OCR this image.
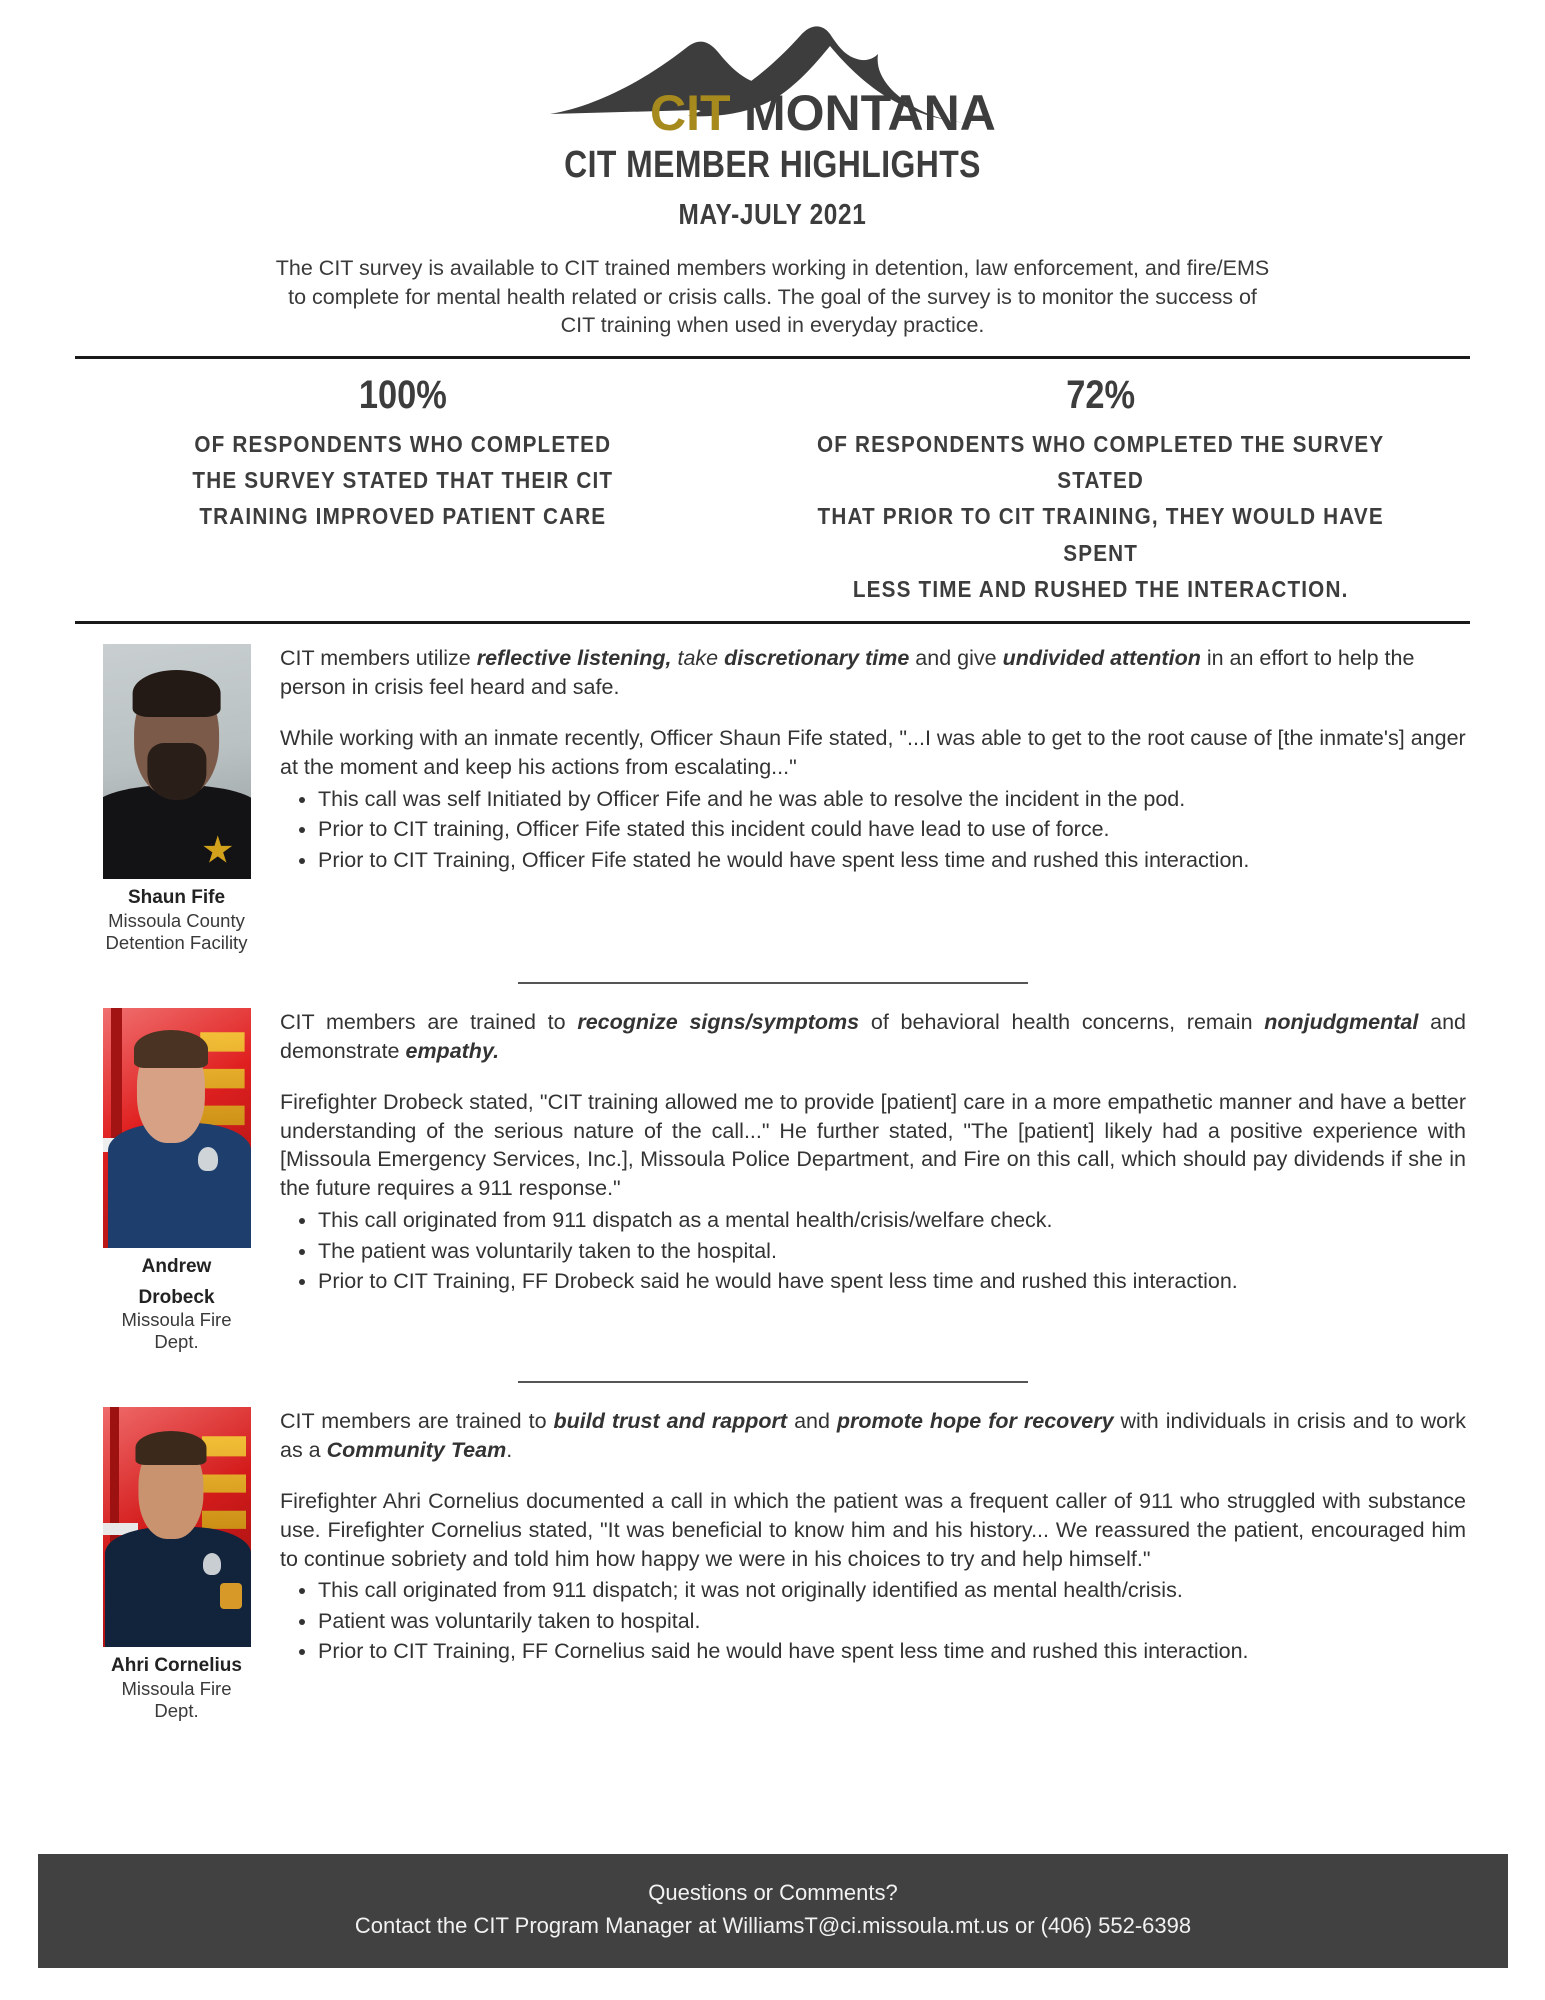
CIT MONTANA
CIT MEMBER HIGHLIGHTS
MAY-JULY 2021
The CIT survey is available to CIT trained members working in detention, law enforcement, and fire/EMS to complete for mental health related or crisis calls. The goal of the survey is to monitor the success of CIT training when used in everyday practice.
100%
OF RESPONDENTS WHO COMPLETED
THE SURVEY STATED THAT THEIR CIT
TRAINING IMPROVED PATIENT CARE
72%
OF RESPONDENTS WHO COMPLETED THE SURVEY STATED
THAT PRIOR TO CIT TRAINING, THEY WOULD HAVE SPENT
LESS TIME AND RUSHED THE INTERACTION.
Shaun Fife
Missoula County
Detention Facility

CIT members utilize reflective listening, take discretionary time and give undivided attention in an effort to help the person in crisis feel heard and safe.

While working with an inmate recently, Officer Shaun Fife stated, "...I was able to get to the root cause of [the inmate's] anger at the moment and keep his actions from escalating..."

• This call was self Initiated by Officer Fife and he was able to resolve the incident in the pod.
• Prior to CIT training, Officer Fife stated this incident could have lead to use of force.
• Prior to CIT Training, Officer Fife stated he would have spent less time and rushed this interaction.
Andrew
Drobeck
Missoula Fire
Dept.

CIT members are trained to recognize signs/symptoms of behavioral health concerns, remain nonjudgmental and demonstrate empathy.

Firefighter Drobeck stated, "CIT training allowed me to provide [patient] care in a more empathetic manner and have a better understanding of the serious nature of the call..." He further stated, "The [patient] likely had a positive experience with [Missoula Emergency Services, Inc.], Missoula Police Department, and Fire on this call, which should pay dividends if she in the future requires a 911 response."

• This call originated from 911 dispatch as a mental health/crisis/welfare check.
• The patient was voluntarily taken to the hospital.
• Prior to CIT Training, FF Drobeck said he would have spent less time and rushed this interaction.
Ahri Cornelius
Missoula Fire
Dept.

CIT members are trained to build trust and rapport and promote hope for recovery with individuals in crisis and to work as a Community Team.

Firefighter Ahri Cornelius documented a call in which the patient was a frequent caller of 911 who struggled with substance use. Firefighter Cornelius stated, "It was beneficial to know him and his history... We reassured the patient, encouraged him to continue sobriety and told him how happy we were in his choices to try and help himself."

• This call originated from 911 dispatch; it was not originally identified as mental health/crisis.
• Patient was voluntarily taken to hospital.
• Prior to CIT Training, FF Cornelius said he would have spent less time and rushed this interaction.
Questions or Comments?
Contact the CIT Program Manager at WilliamsT@ci.missoula.mt.us or (406) 552-6398
